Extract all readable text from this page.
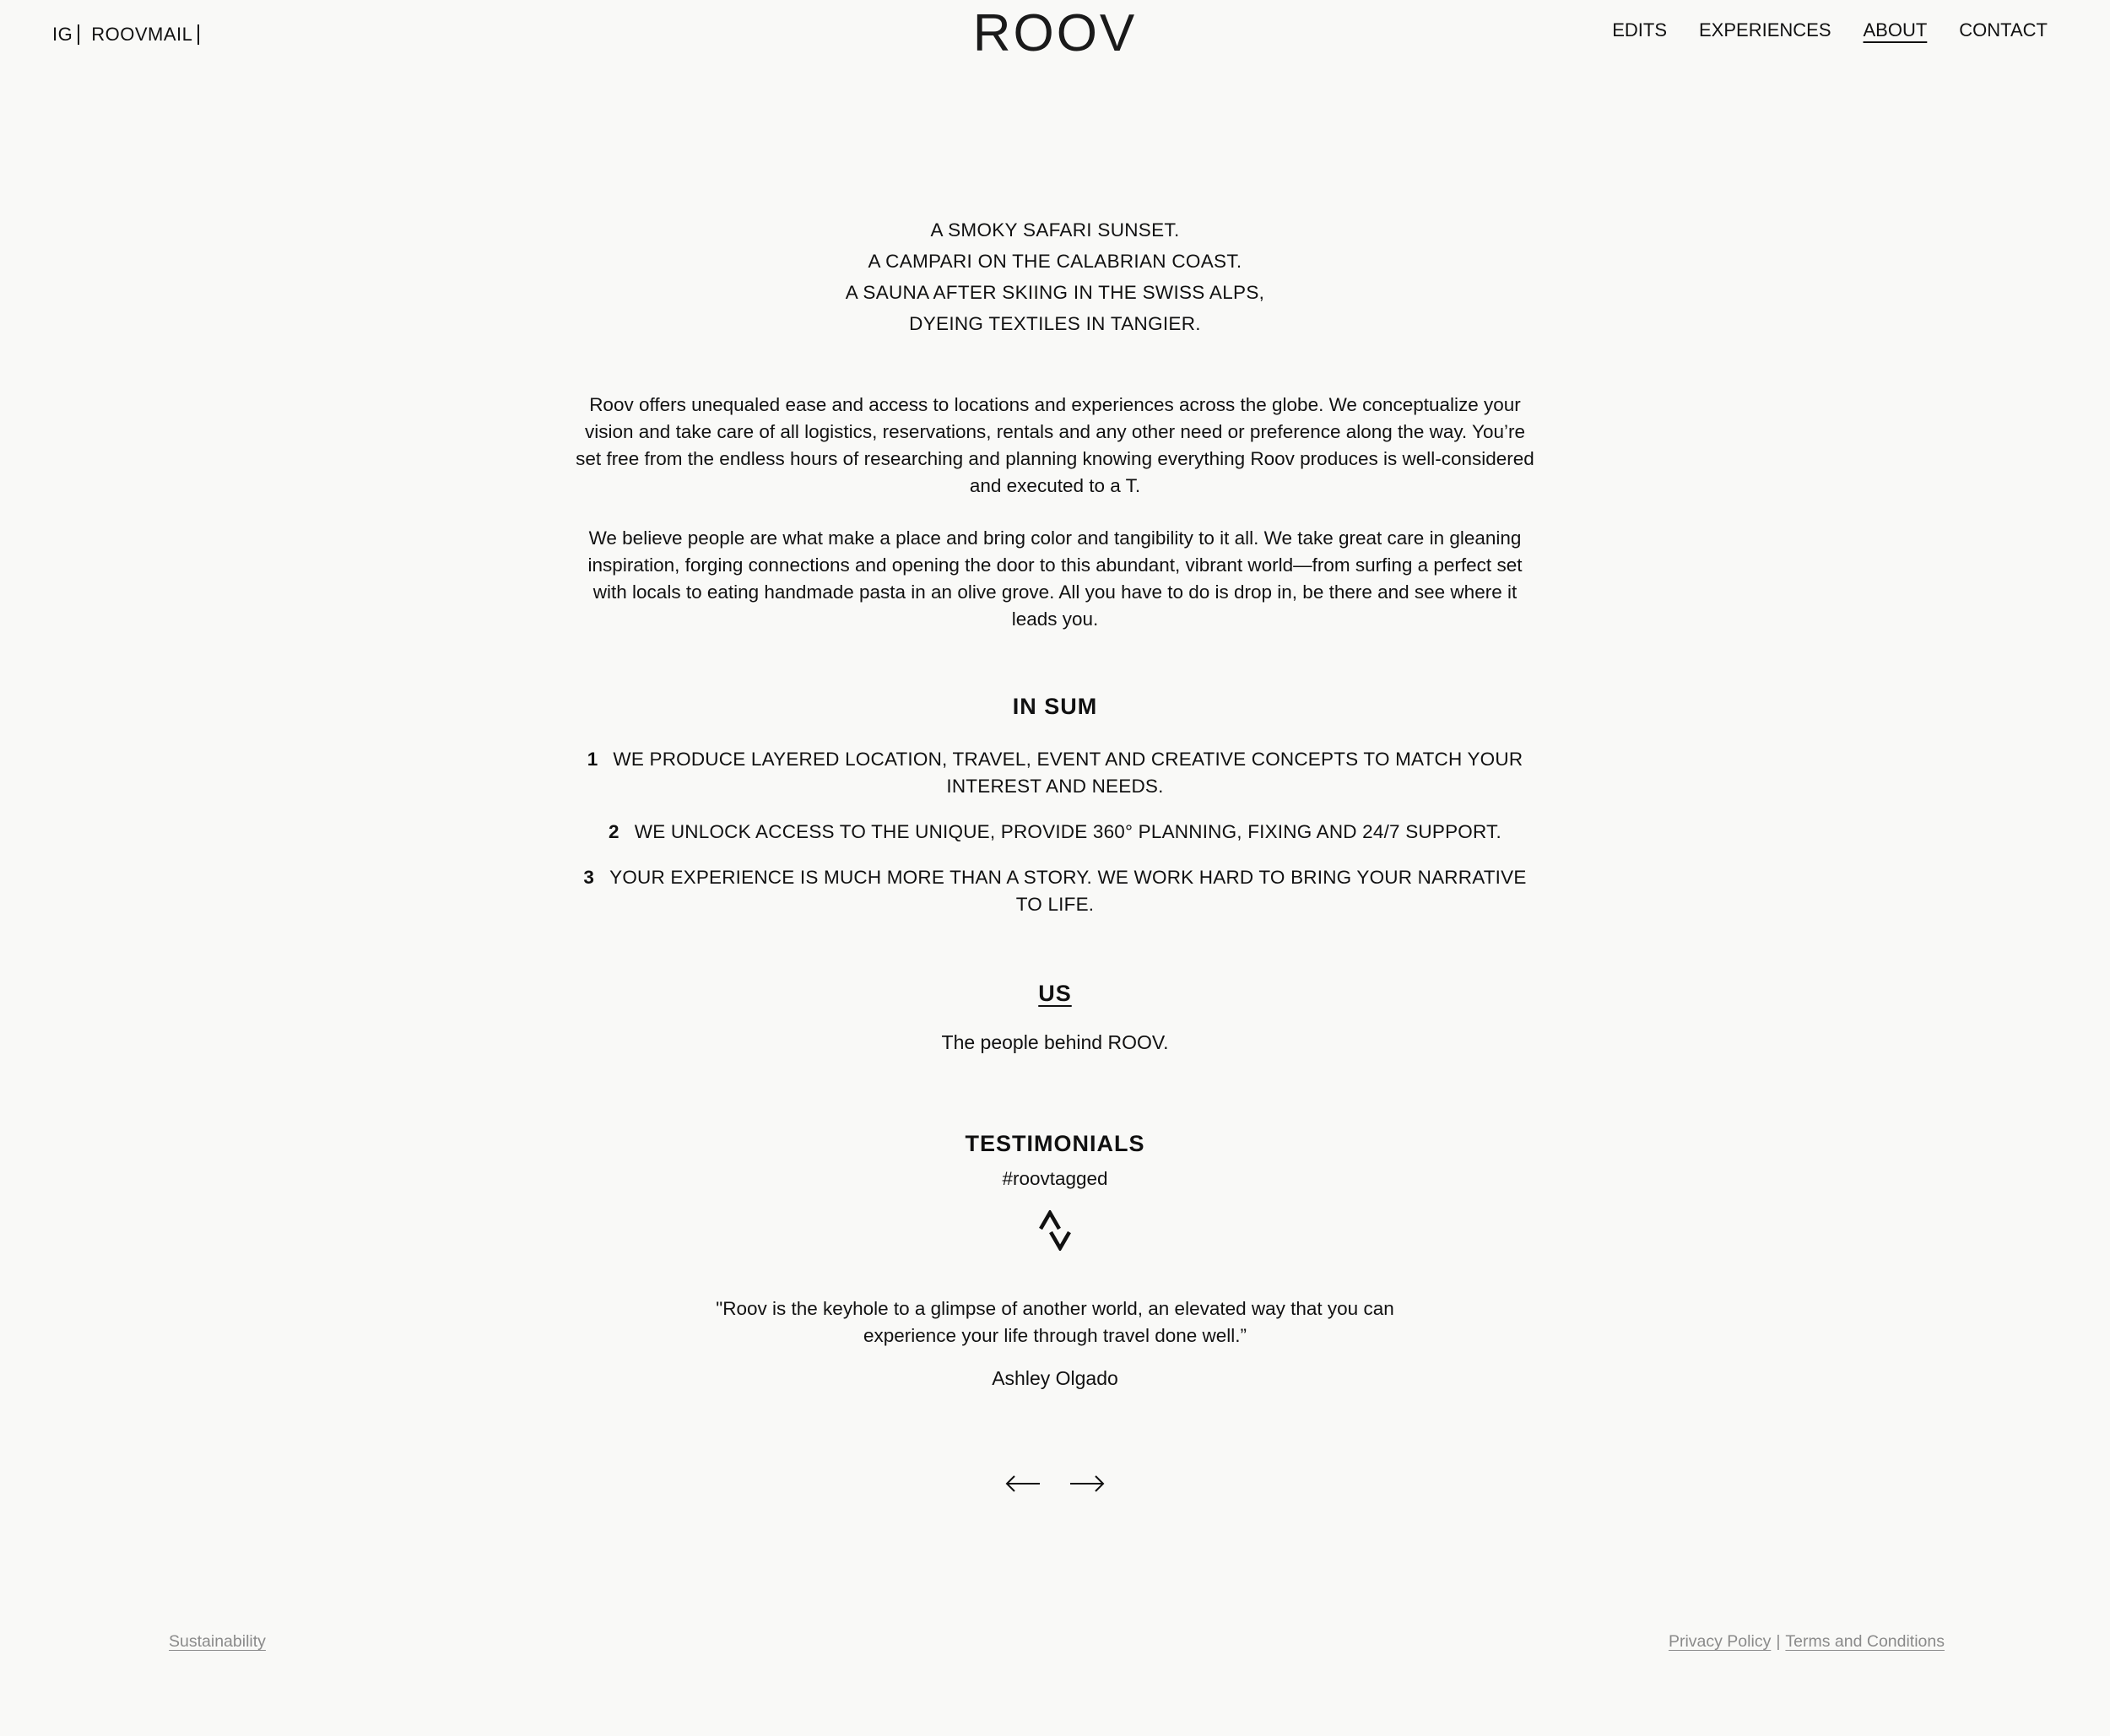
IG ROOVMAIL	ROOV	EDITS EXPERIENCES ABOUT CONTACT
A SMOKY SAFARI SUNSET.
A CAMPARI ON THE CALABRIAN COAST.
A SAUNA AFTER SKIING IN THE SWISS ALPS,
DYEING TEXTILES IN TANGIER.
Roov offers unequaled ease and access to locations and experiences across the globe. We conceptualize your vision and take care of all logistics, reservations, rentals and any other need or preference along the way. You’re set free from the endless hours of researching and planning knowing everything Roov produces is well-considered and executed to a T.
We believe people are what make a place and bring color and tangibility to it all. We take great care in gleaning inspiration, forging connections and opening the door to this abundant, vibrant world—from surfing a perfect set with locals to eating handmade pasta in an olive grove. All you have to do is drop in, be there and see where it leads you.
IN SUM
1 WE PRODUCE LAYERED LOCATION, TRAVEL, EVENT AND CREATIVE CONCEPTS TO MATCH YOUR INTEREST AND NEEDS.
2 WE UNLOCK ACCESS TO THE UNIQUE, PROVIDE 360° PLANNING, FIXING AND 24/7 SUPPORT.
3 YOUR EXPERIENCE IS MUCH MORE THAN A STORY. WE WORK HARD TO BRING YOUR NARRATIVE TO LIFE.
US
The people behind ROOV.
TESTIMONIALS
#roovtagged
"Roov is the keyhole to a glimpse of another world, an elevated way that you can experience your life through travel done well.”
Ashley Olgado
Sustainability	Privacy Policy | Terms and Conditions
